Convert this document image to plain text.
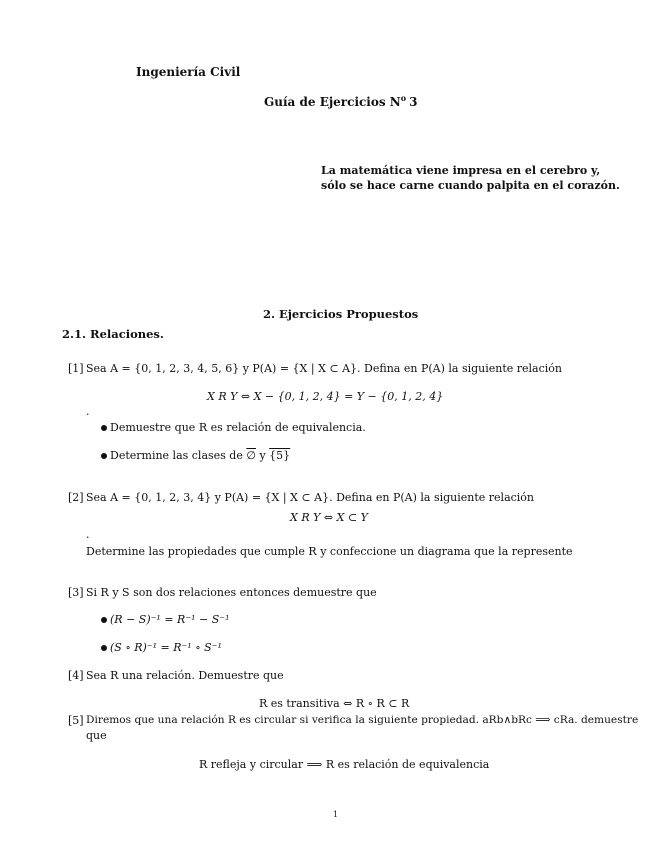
Ingeniería Civil
Guía de Ejercicios $N^o$ 3
La matemática viene impresa en el cerebro y,
sólo se hace carne cuando palpita en el corazón.
2. Ejercicios Propuestos
2.1. Relaciones.
[1] Sea A = {0, 1, 2, 3, 4, 5, 6} y P(A) = {X | X ⊂ A}. Defina en P(A) la siguiente relación
X R Y ⇔ X − {0, 1, 2, 4} = Y − {0, 1, 2, 4}
.
Demuestre que R es relación de equivalencia.
Determine las clases de ∅ y {5}
[2] Sea A = {0, 1, 2, 3, 4} y P(A) = {X | X ⊂ A}. Defina en P(A) la siguiente relación
X R Y ⇔ X ⊂ Y
.
Determine las propiedades que cumple R y confeccione un diagrama que la represente
[3] Si R y S son dos relaciones entonces demuestre que
(R − S)⁻¹ = R⁻¹ − S⁻¹
(S ∘ R)⁻¹ = R⁻¹ ∘ S⁻¹
[4] Sea R una relación. Demuestre que
R es transitiva ⇔ R ∘ R ⊂ R
[5] Diremos que una relación R es circular si verifica la siguiente propiedad. aRb∧bRc ⟹ cRa. demuestre
que
R refleja y circular ⟹ R es relación de equivalencia
1
